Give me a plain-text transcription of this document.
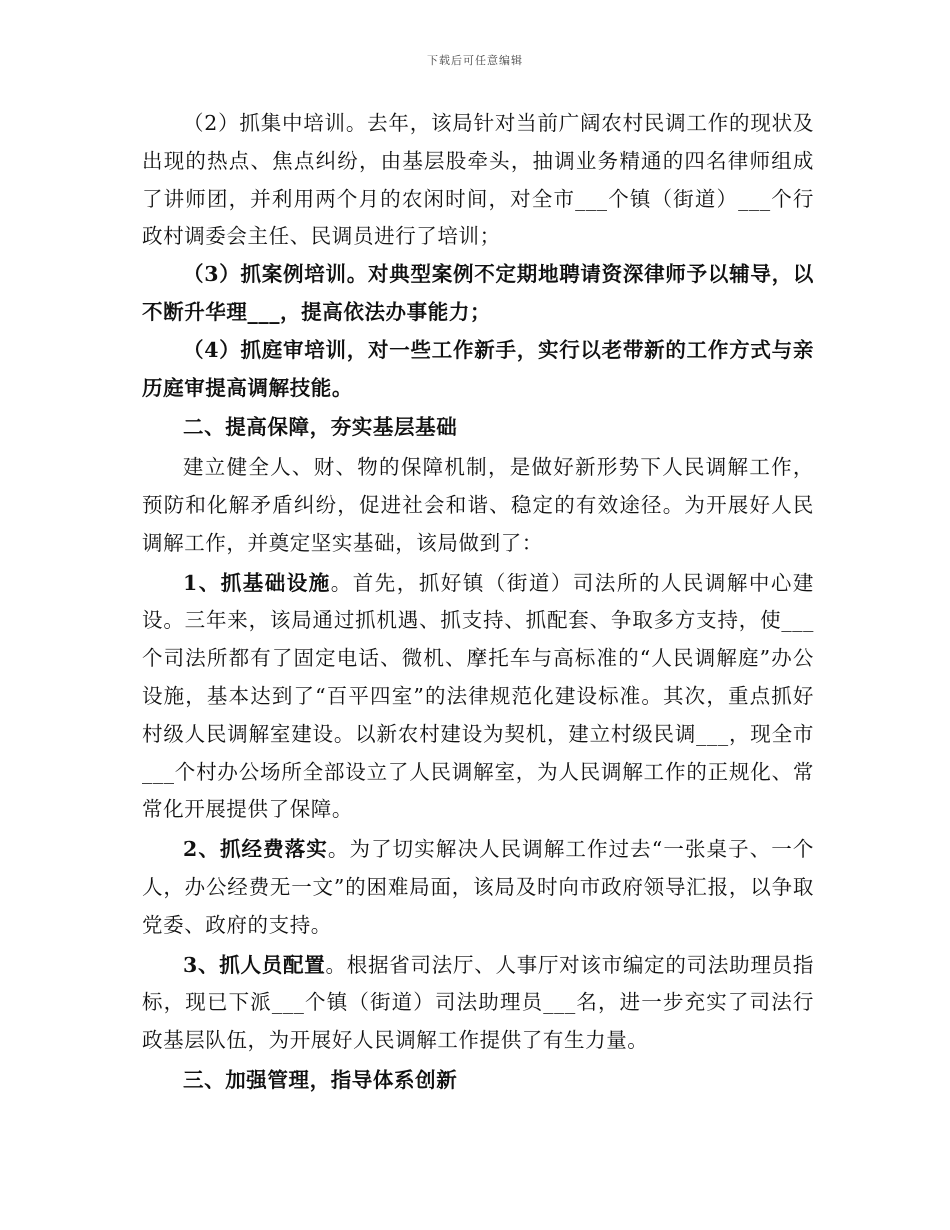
下载后可任意编辑

（2）抓集中培训。去年，该局针对当前广阔农村民调工作的现状及出现的热点、焦点纠纷，由基层股牵头，抽调业务精通的四名律师组成了讲师团，并利用两个月的农闲时间，对全市___个镇（街道）___个行政村调委会主任、民调员进行了培训；

（3）抓案例培训。对典型案例不定期地聘请资深律师予以辅导，以不断升华理___，提高依法办事能力；

（4）抓庭审培训，对一些工作新手，实行以老带新的工作方式与亲历庭审提高调解技能。

二、提高保障，夯实基层基础

建立健全人、财、物的保障机制，是做好新形势下人民调解工作，预防和化解矛盾纠纷，促进社会和谐、稳定的有效途径。为开展好人民调解工作，并奠定坚实基础，该局做到了：

1、抓基础设施。首先，抓好镇（街道）司法所的人民调解中心建设。三年来，该局通过抓机遇、抓支持、抓配套、争取多方支持，使___个司法所都有了固定电话、微机、摩托车与高标准的“人民调解庭”办公设施，基本达到了“百平四室”的法律规范化建设标准。其次，重点抓好村级人民调解室建设。以新农村建设为契机，建立村级民调___，现全市___个村办公场所全部设立了人民调解室，为人民调解工作的正规化、常常化开展提供了保障。

2、抓经费落实。为了切实解决人民调解工作过去“一张桌子、一个人，办公经费无一文”的困难局面，该局及时向市政府领导汇报，以争取党委、政府的支持。

3、抓人员配置。根据省司法厅、人事厅对该市编定的司法助理员指标，现已下派___个镇（街道）司法助理员___名，进一步充实了司法行政基层队伍，为开展好人民调解工作提供了有生力量。

三、加强管理，指导体系创新
